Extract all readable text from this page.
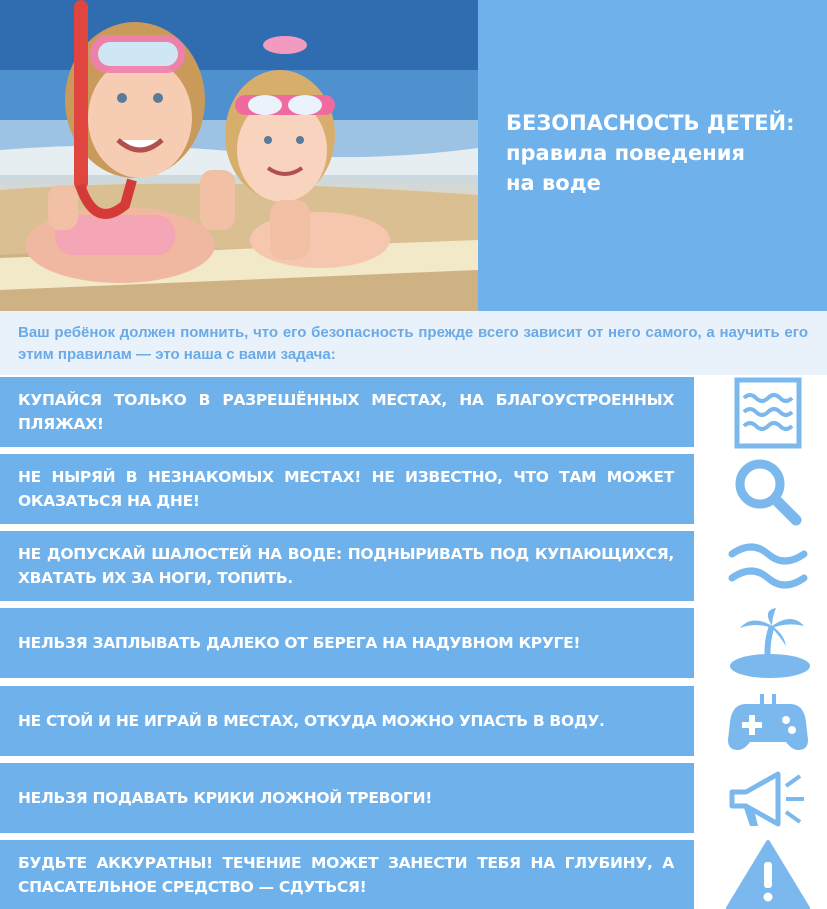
БЕЗОПАСНОСТЬ ДЕТЕЙ:
правила поведения
на воде
Ваш ребёнок должен помнить, что его безопасность прежде всего зависит от него самого, а научить его этим правилам — это наша с вами задача:
КУПАЙСЯ ТОЛЬКО В РАЗРЕШЁННЫХ МЕСТАХ, НА БЛАГОУСТРОЕННЫХ ПЛЯЖАХ!
НЕ НЫРЯЙ В НЕЗНАКОМЫХ МЕСТАХ! НЕ ИЗВЕСТНО, ЧТО ТАМ МОЖЕТ ОКАЗАТЬСЯ НА ДНЕ!
НЕ ДОПУСКАЙ ШАЛОСТЕЙ НА ВОДЕ: ПОДНЫРИВАТЬ ПОД КУПАЮЩИХСЯ, ХВАТАТЬ ИХ ЗА НОГИ, ТОПИТЬ.
НЕЛЬЗЯ ЗАПЛЫВАТЬ ДАЛЕКО ОТ БЕРЕГА НА НАДУВНОМ КРУГЕ!
НЕ СТОЙ И НЕ ИГРАЙ В МЕСТАХ, ОТКУДА МОЖНО УПАСТЬ В ВОДУ.
НЕЛЬЗЯ ПОДАВАТЬ КРИКИ ЛОЖНОЙ ТРЕВОГИ!
БУДЬТЕ АККУРАТНЫ! ТЕЧЕНИЕ МОЖЕТ ЗАНЕСТИ ТЕБЯ НА ГЛУБИНУ, А СПАСАТЕЛЬНОЕ СРЕДСТВО — СДУТЬСЯ!
